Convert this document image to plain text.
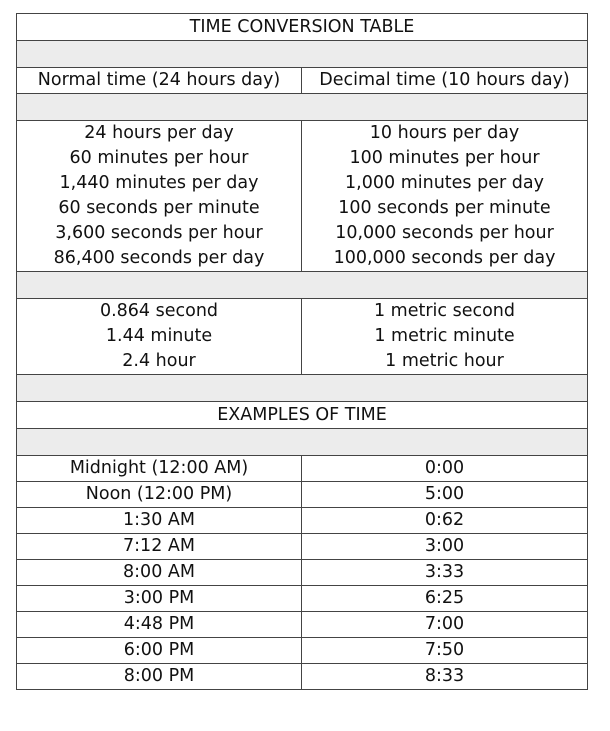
TIME CONVERSION TABLE	

Normal time (24 hours day)	Decimal time (10 hours day)

24 hours per day	10 hours per day
60 minutes per hour	100 minutes per hour
1,440 minutes per day	1,000 minutes per day
60 seconds per minute	100 seconds per minute
3,600 seconds per hour	10,000 seconds per hour
86,400 seconds per day	100,000 seconds per day

0.864 second	1 metric second
1.44 minute	1 metric minute
2.4 hour	1 metric hour

EXAMPLES OF TIME	

Midnight (12:00 AM)	0:00
Noon (12:00 PM)	5:00
1:30 AM	0:62
7:12 AM	3:00
8:00 AM	3:33
3:00 PM	6:25
4:48 PM	7:00
6:00 PM	7:50
8:00 PM	8:33
